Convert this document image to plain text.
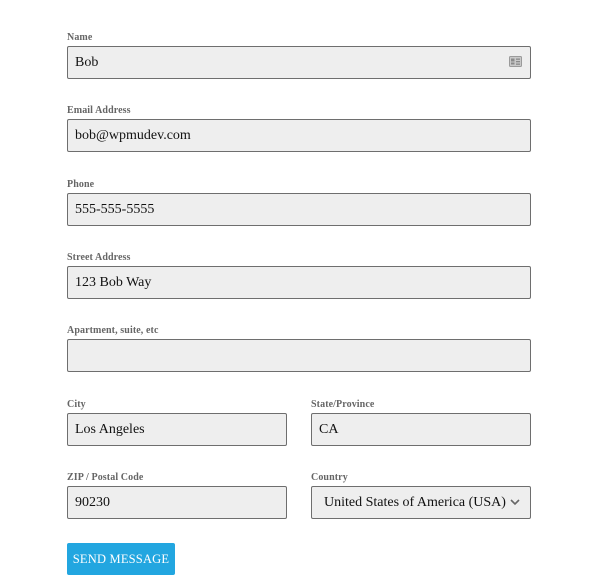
Name
Bob
Email Address
bob@wpmudev.com
Phone
555-555-5555
Street Address
123 Bob Way
Apartment, suite, etc
City
Los Angeles
State/Province
CA
ZIP / Postal Code
90230
Country
United States of America (USA)
SEND MESSAGE
